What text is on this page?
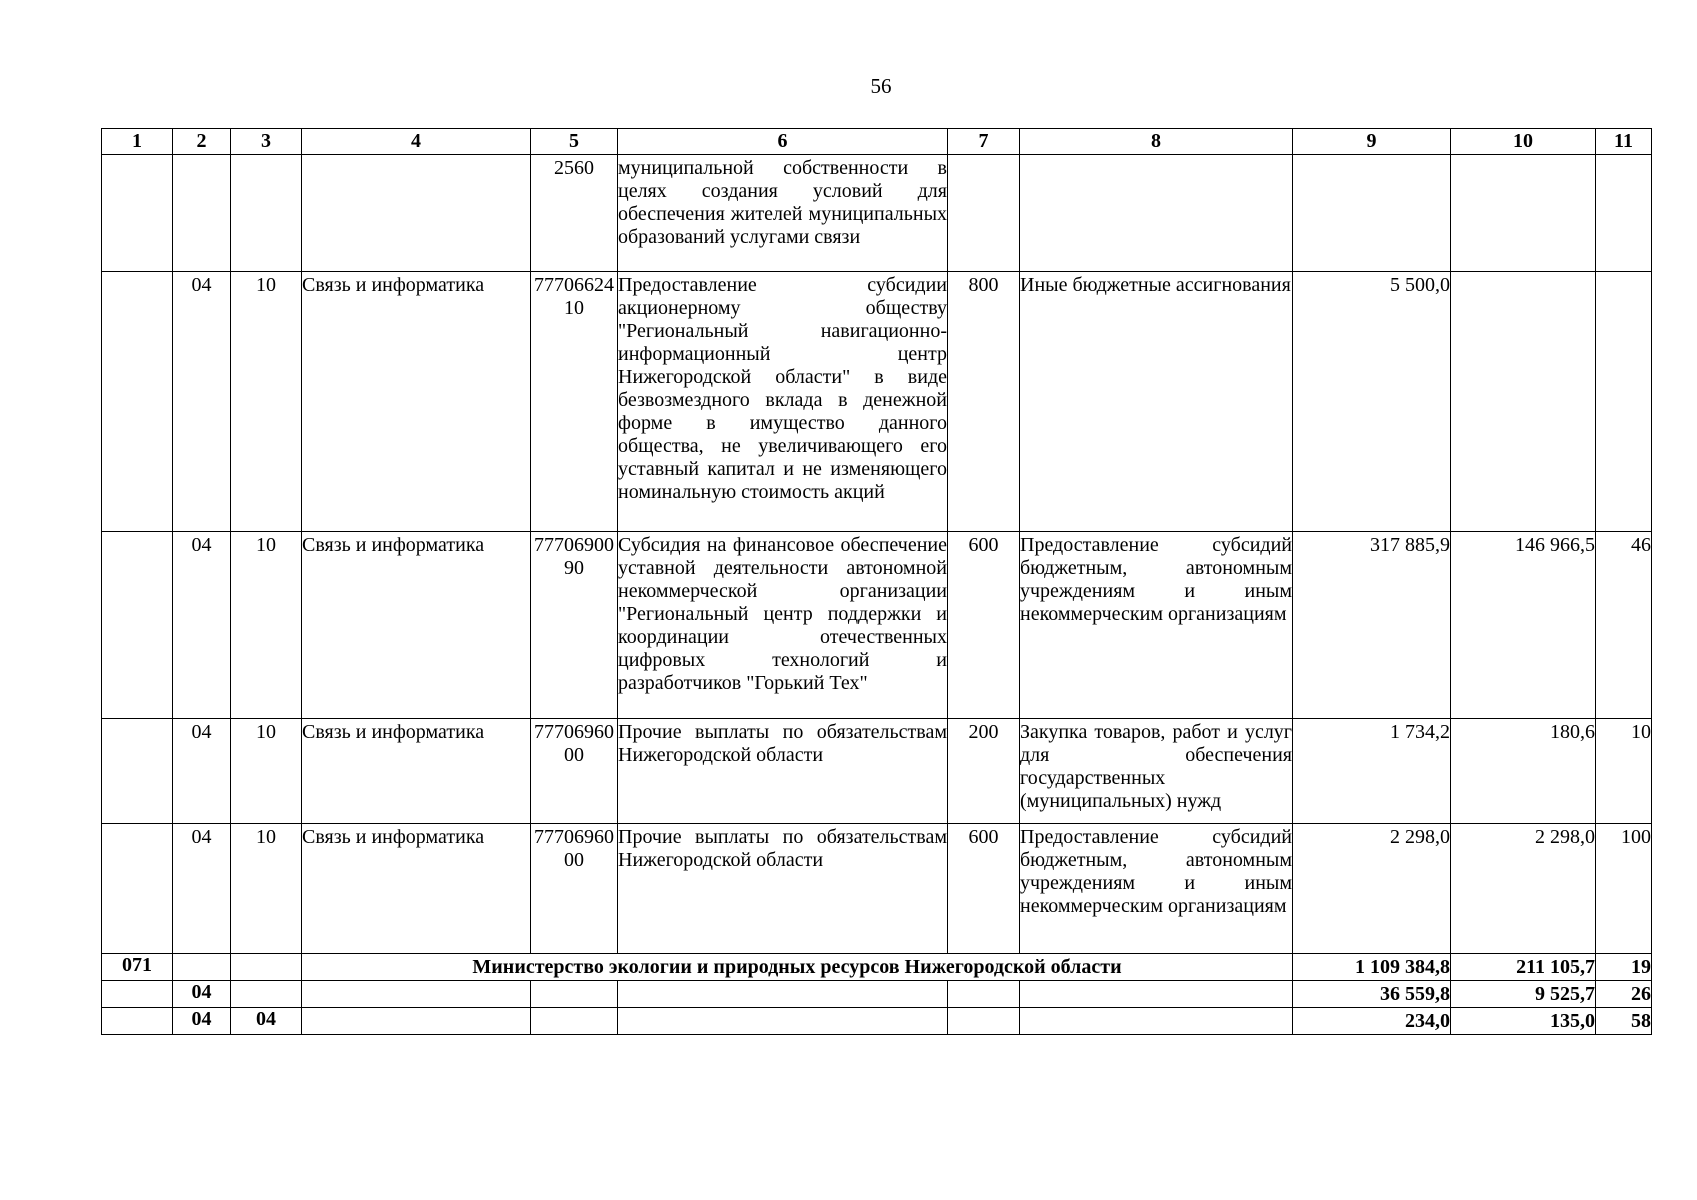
56
1	2	3	4	5	6	7	8	9	10	11
				2560	муниципальной собственности в целях создания условий для обеспечения жителей муниципальных образований услугами связи					
	04	10	Связь и информатика	7770662410	Предоставление субсидии акционерному обществу "Региональный навигационно-информационный центр Нижегородской области" в виде безвозмездного вклада в денежной форме в имущество данного общества, не увеличивающего его уставный капитал и не изменяющего номинальную стоимость акций	800	Иные бюджетные ассигнования	5 500,0		
	04	10	Связь и информатика	7770690090	Субсидия на финансовое обеспечение уставной деятельности автономной некоммерческой организации "Региональный центр поддержки и координации отечественных цифровых технологий и разработчиков "Горький Тех"	600	Предоставление субсидий бюджетным, автономным учреждениям и иным некоммерческим организациям	317 885,9	146 966,5	46
	04	10	Связь и информатика	7770696000	Прочие выплаты по обязательствам Нижегородской области	200	Закупка товаров, работ и услуг для обеспечения государственных (муниципальных) нужд	1 734,2	180,6	10
	04	10	Связь и информатика	7770696000	Прочие выплаты по обязательствам Нижегородской области	600	Предоставление субсидий бюджетным, автономным учреждениям и иным некоммерческим организациям	2 298,0	2 298,0	100
071			Министерство экологии и природных ресурсов Нижегородской области					1 109 384,8	211 105,7	19
	04							36 559,8	9 525,7	26
	04	04						234,0	135,0	58
